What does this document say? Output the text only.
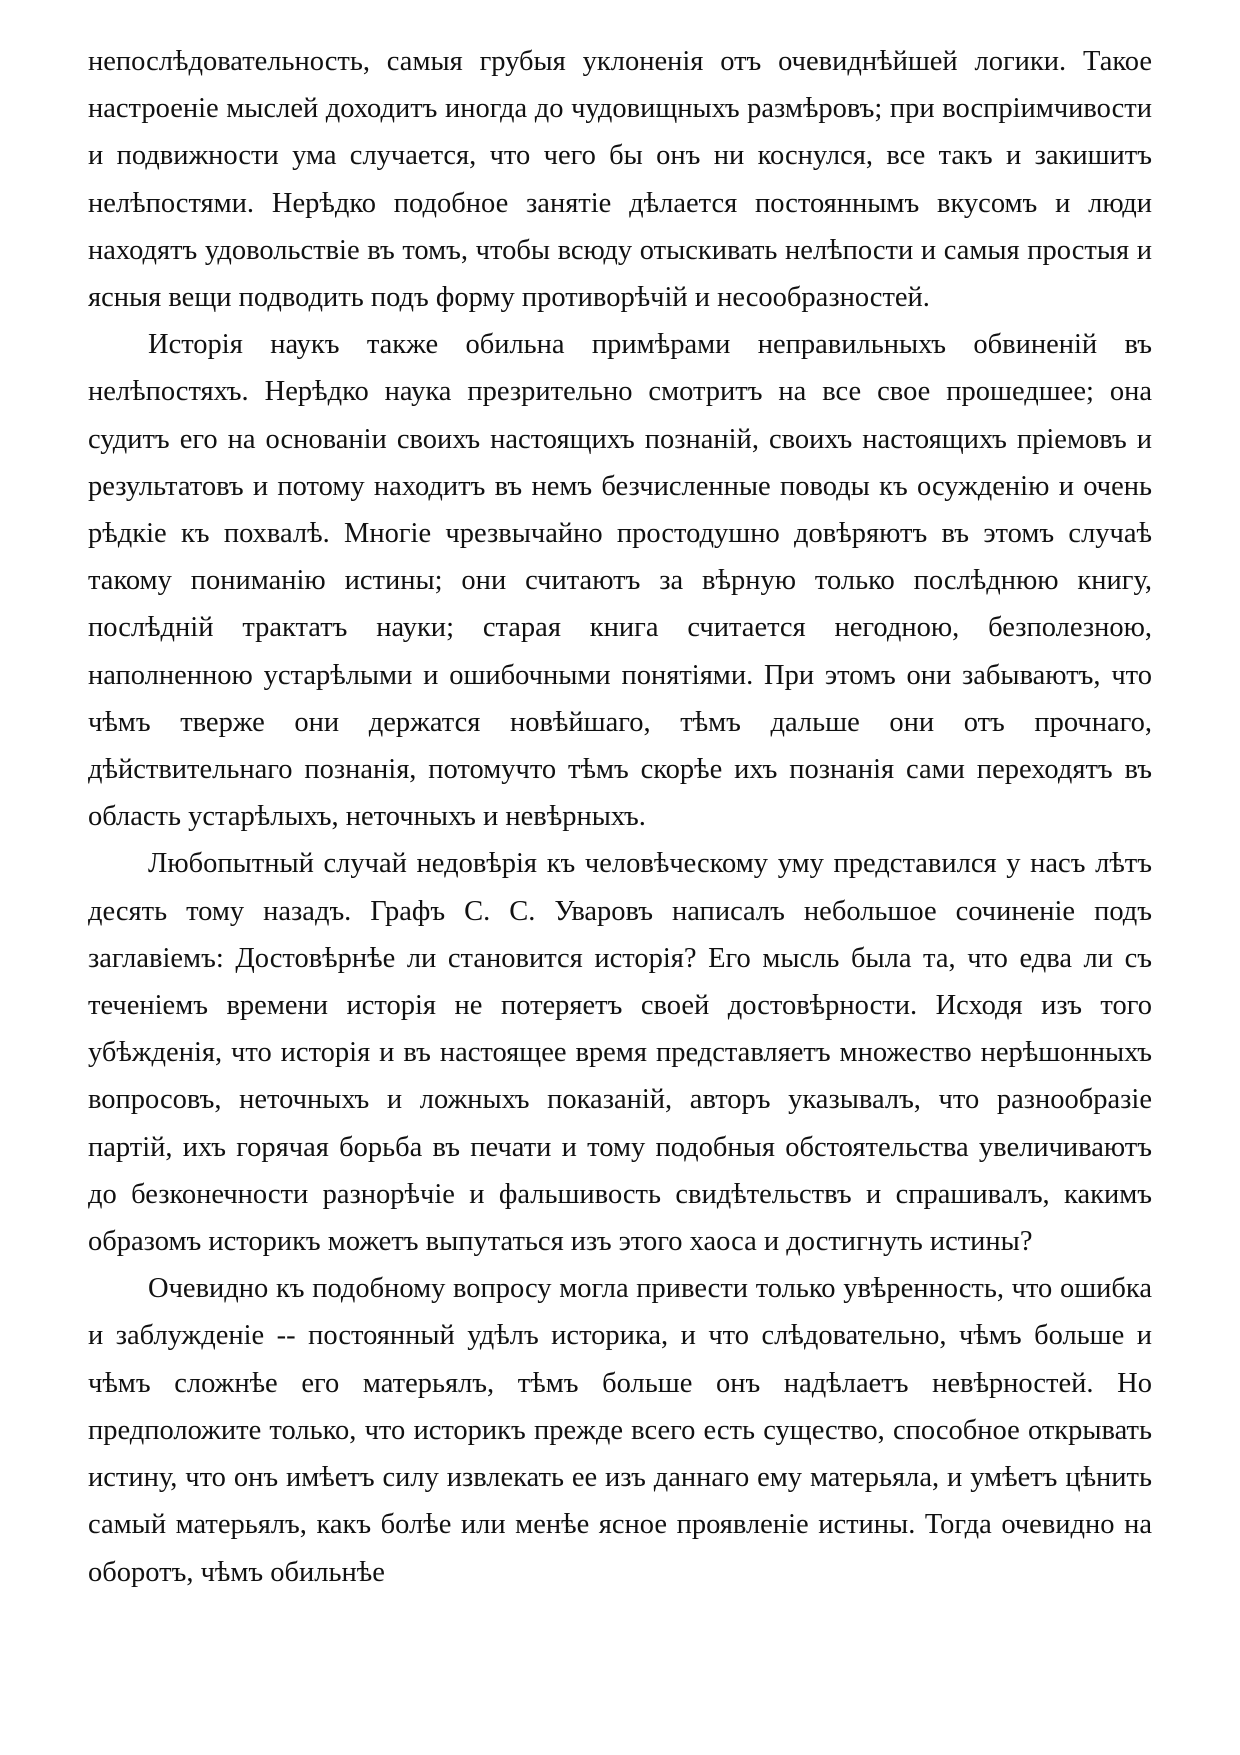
непослѣдовательность, самыя грубыя уклоненія отъ очевиднѣйшей логики. Такое настроеніе мыслей доходитъ иногда до чудовищныхъ размѣровъ; при воспріимчивости и подвижности ума случается, что чего бы онъ ни коснулся, все такъ и закишитъ нелѣпостями. Нерѣдко подобное занятіе дѣлается постояннымъ вкусомъ и люди находятъ удовольствіе въ томъ, чтобы всюду отыскивать нелѣпости и самыя простыя и ясныя вещи подводить подъ форму противорѣчій и несообразностей.

Исторія наукъ также обильна примѣрами неправильныхъ обвиненій въ нелѣпостяхъ. Нерѣдко наука презрительно смотритъ на все свое прошедшее; она судитъ его на основаніи своихъ настоящихъ познаній, своихъ настоящихъ пріемовъ и результатовъ и потому находитъ въ немъ безчисленные поводы къ осужденію и очень рѣдкіе къ похвалѣ. Многіе чрезвычайно простодушно довѣряютъ въ этомъ случаѣ такому пониманію истины; они считаютъ за вѣрную только послѣднюю книгу, послѣдній трактатъ науки; старая книга считается негодною, безполезною, наполненною устарѣлыми и ошибочными понятіями. При этомъ они забываютъ, что чѣмъ тверже они держатся новѣйшаго, тѣмъ дальше они отъ прочнаго, дѣйствительнаго познанія, потомучто тѣмъ скорѣе ихъ познанія сами переходятъ въ область устарѣлыхъ, неточныхъ и невѣрныхъ.

Любопытный случай недовѣрія къ человѣческому уму представился у насъ лѣтъ десять тому назадъ. Графъ С. С. Уваровъ написалъ небольшое сочиненіе подъ заглавіемъ: Достовѣрнѣе ли становится исторія? Его мысль была та, что едва ли съ теченіемъ времени исторія не потеряетъ своей достовѣрности. Исходя изъ того убѣжденія, что исторія и въ настоящее время представляетъ множество нерѣшонныхъ вопросовъ, неточныхъ и ложныхъ показаній, авторъ указывалъ, что разнообразіе партій, ихъ горячая борьба въ печати и тому подобныя обстоятельства увеличиваютъ до безконечности разнорѣчіе и фальшивость свидѣтельствъ и спрашивалъ, какимъ образомъ историкъ можетъ выпутаться изъ этого хаоса и достигнуть истины?

Очевидно къ подобному вопросу могла привести только увѣренность, что ошибка и заблужденіе -- постоянный удѣлъ историка, и что слѣдовательно, чѣмъ больше и чѣмъ сложнѣе его матерьялъ, тѣмъ больше онъ надѣлаетъ невѣрностей. Но предположите только, что историкъ прежде всего есть существо, способное открывать истину, что онъ имѣетъ силу извлекать ее изъ даннаго ему матерьяла, и умѣетъ цѣнить самый матерьялъ, какъ болѣе или менѣе ясное проявленіе истины. Тогда очевидно на оборотъ, чѣмъ обильнѣе
